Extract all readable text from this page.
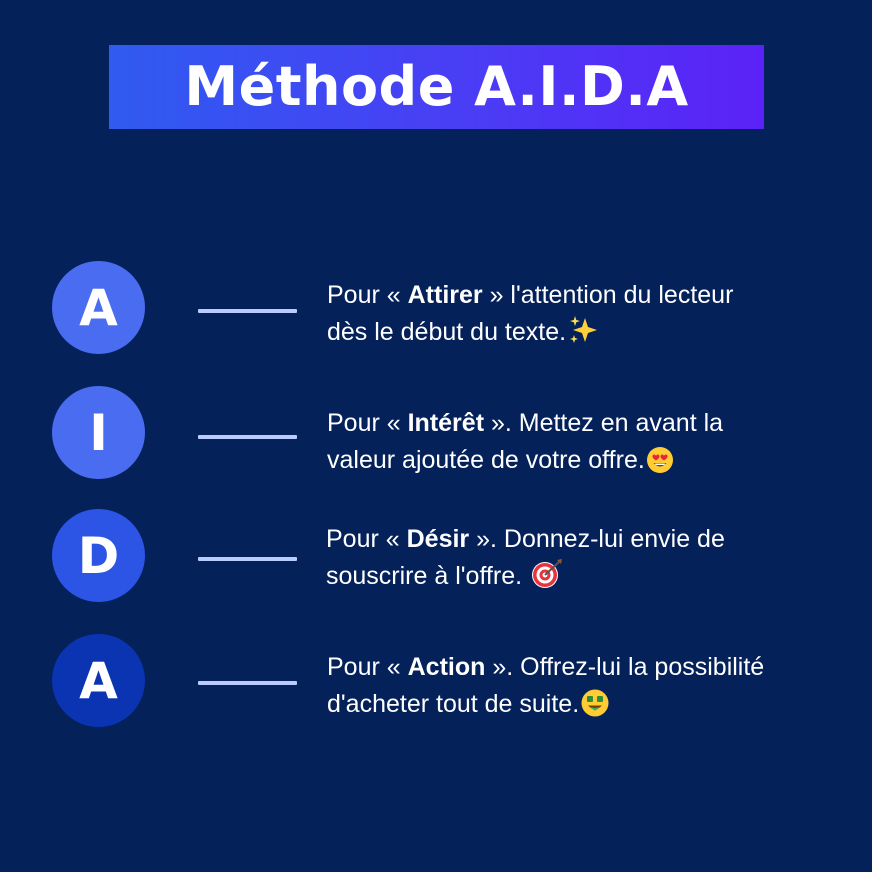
Méthode A.I.D.A
A	Pour « Attirer » l'attention du lecteur
dès le début du texte.
I	Pour « Intérêt ». Mettez en avant la
valeur ajoutée de votre offre.
D	Pour « Désir ». Donnez-lui envie de
souscrire à l'offre.
A	Pour « Action ». Offrez-lui la possibilité
d'acheter tout de suite.
